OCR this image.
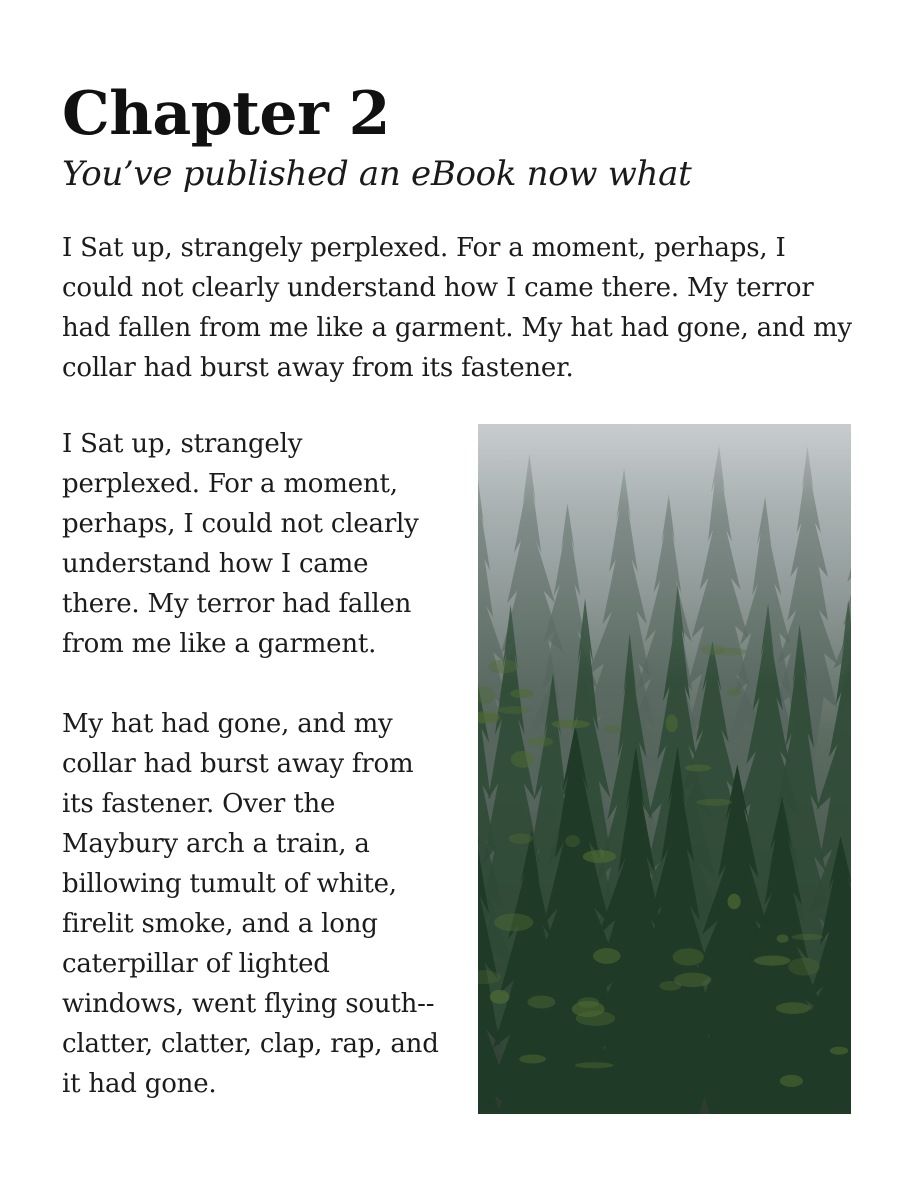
Chapter 2
You’ve published an eBook now what

I Sat up, strangely perplexed. For a moment, perhaps, I could not clearly understand how I came there. My terror had fallen from me like a garment. My hat had gone, and my collar had burst away from its fastener.

I Sat up, strangely perplexed. For a moment, perhaps, I could not clearly understand how I came there. My terror had fallen from me like a garment.

My hat had gone, and my collar had burst away from its fastener. Over the Maybury arch a train, a billowing tumult of white, firelit smoke, and a long caterpillar of lighted windows, went flying south--clatter, clatter, clap, rap, and it had gone.
